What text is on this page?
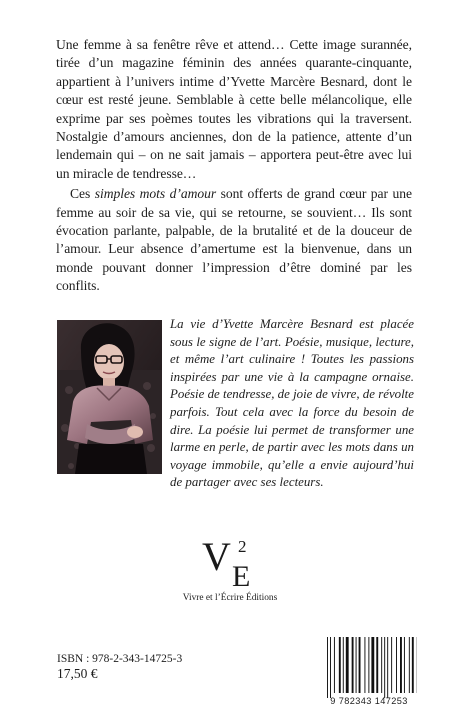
Une femme à sa fenêtre rêve et attend… Cette image surannée, tirée d’un magazine féminin des années quarante-cinquante, appartient à l’univers intime d’Yvette Marcère Besnard, dont le cœur est resté jeune. Semblable à cette belle mélancolique, elle exprime par ses poèmes toutes les vibrations qui la traversent. Nostalgie d’amours anciennes, don de la patience, attente d’un lendemain qui – on ne sait jamais – apportera peut-être avec lui un miracle de tendresse…

Ces simples mots d’amour sont offerts de grand cœur par une femme au soir de sa vie, qui se retourne, se souvient… Ils sont évocation parlante, palpable, de la brutalité et de la douceur de l’amour. Leur absence d’amertume est la bienvenue, dans un monde pouvant donner l’impression d’être dominé par les conflits.

La vie d’Yvette Marcère Besnard est placée sous le signe de l’art. Poésie, musique, lecture, et même l’art culinaire ! Toutes les passions inspirées par une vie à la campagne ornaise. Poésie de tendresse, de joie de vivre, de révolte parfois. Tout cela avec la force du besoin de dire. La poésie lui permet de transformer une larme en perle, de partir avec les mots dans un voyage immobile, qu’elle a envie aujourd’hui de partager avec ses lecteurs.

V 2
E
Vivre et l’Écrire Éditions
ISBN : 978-2-343-14725-3
17,50 €
9 782343 147253
